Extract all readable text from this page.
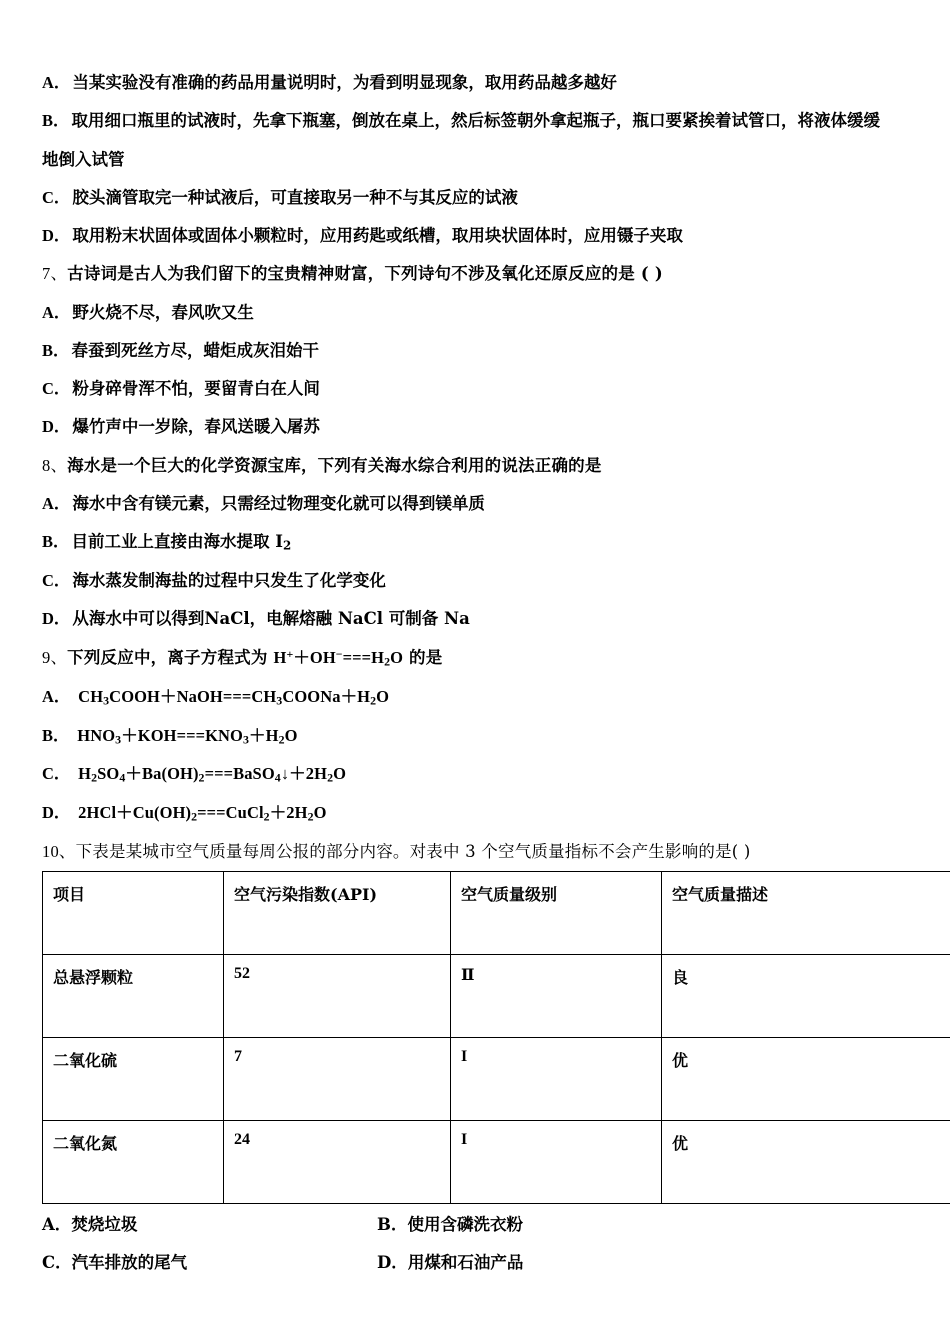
A． 当某实验没有准确的药品用量说明时，为看到明显现象，取用药品越多越好
B． 取用细口瓶里的试液时，先拿下瓶塞，倒放在桌上，然后标签朝外拿起瓶子，瓶口要紧挨着试管口，将液体缓缓
地倒入试管
C． 胶头滴管取完一种试液后，可直接取另一种不与其反应的试液
D． 取用粉末状固体或固体小颗粒时，应用药匙或纸槽，取用块状固体时，应用镊子夹取
7、古诗词是古人为我们留下的宝贵精神财富，下列诗句不涉及氧化还原反应的是 ( )
A． 野火烧不尽，春风吹又生
B． 春蚕到死丝方尽，蜡炬成灰泪始干
C． 粉身碎骨浑不怕，要留青白在人间
D． 爆竹声中一岁除，春风送暖入屠苏
8、海水是一个巨大的化学资源宝库，下列有关海水综合利用的说法正确的是
A． 海水中含有镁元素，只需经过物理变化就可以得到镁单质
B． 目前工业上直接由海水提取 $I_2$
C． 海水蒸发制海盐的过程中只发生了化学变化
D． 从海水中可以得到NaCl，电解熔融 NaCl 可制备 Na
9、下列反应中，离子方程式为 $H^++OH^-===H_2O$ 的是
A． $CH_3COOH+NaOH===CH_3COONa+H_2O$
B． $HNO_3+KOH===KNO_3+H_2O$
C． $H_2SO_4+Ba(OH)_2===BaSO_4↓+2H_2O$
D． $2HCl+Cu(OH)_2===CuCl_2+2H_2O$
10、下表是某城市空气质量每周公报的部分内容。对表中 3 个空气质量指标不会产生影响的是( )
项目	空气污染指数(API)	空气质量级别	空气质量描述
总悬浮颗粒	52	Ⅱ	良
二氧化硫	7	I	优
二氧化氮	24	I	优
A．焚烧垃圾	B．使用含磷洗衣粉
C．汽车排放的尾气	D．用煤和石油产品
